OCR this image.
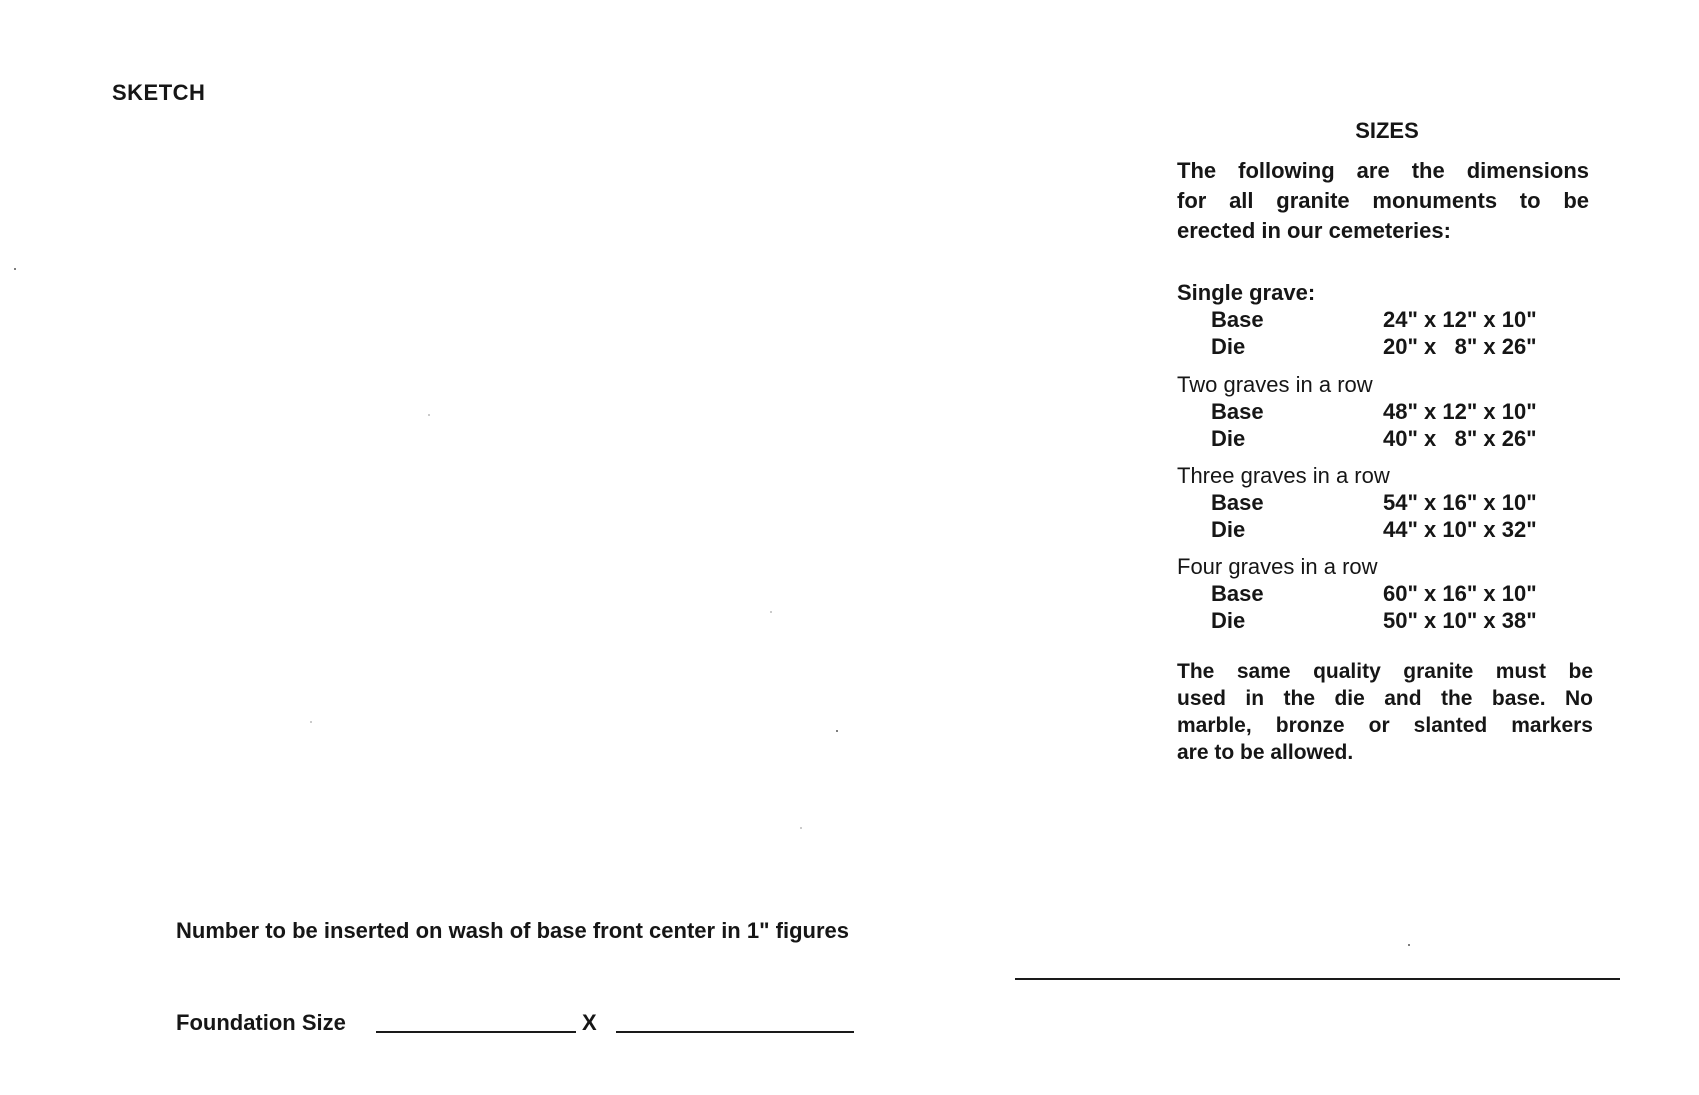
SKETCH
SIZES
The following are the dimensions
for all granite monuments to be
erected in our cemeteries:
Single grave:
Base	24" x 12" x 10"
Die	20" x   8" x 26"
Two graves in a row
Base	48" x 12" x 10"
Die	40" x   8" x 26"
Three graves in a row
Base	54" x 16" x 10"
Die	44" x 10" x 32"
Four graves in a row
Base	60" x 16" x 10"
Die	50" x 10" x 38"
The same quality granite must be
used in the die and the base. No
marble, bronze or slanted markers
are to be allowed.
Number to be inserted on wash of base front center in 1" figures
Foundation Size	X
